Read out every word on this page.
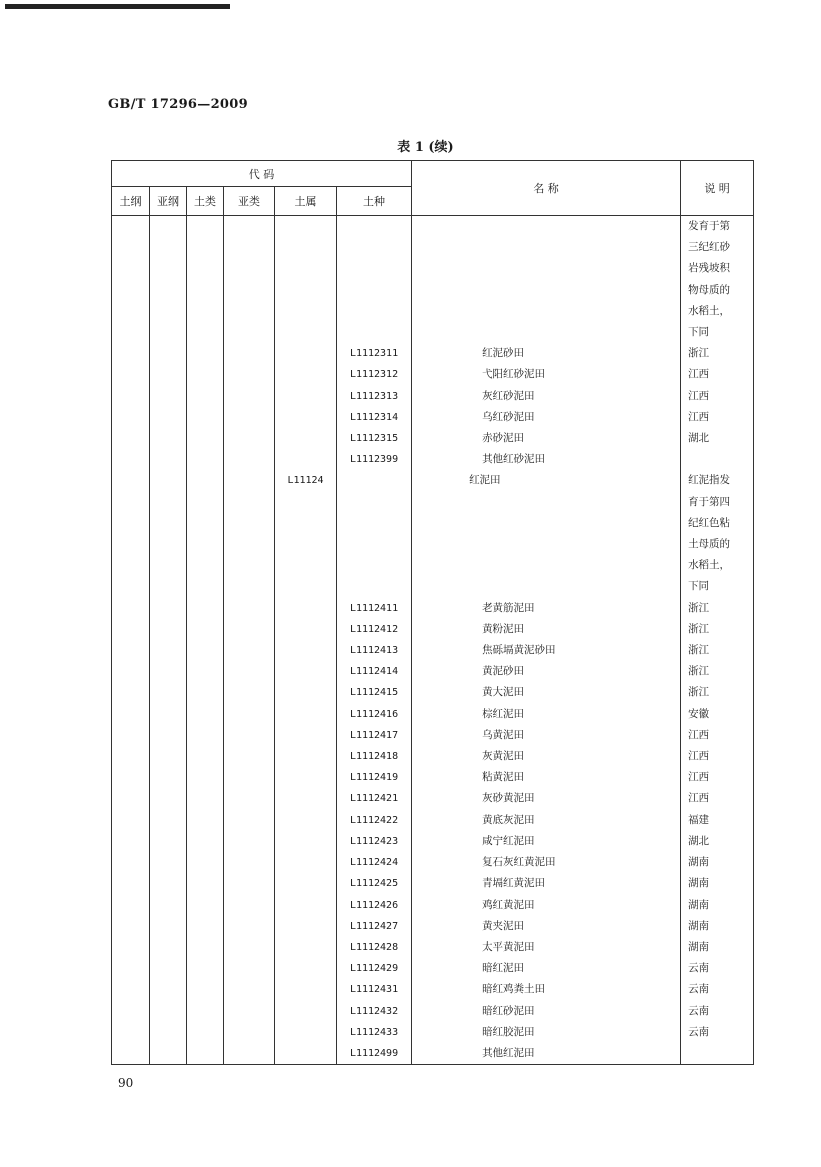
GB/T 17296—2009
表 1 (续)
代 码						名 称	说 明
土纲	亚纲	土类	亚类	土属	土种		
							发育于第
							三纪红砂
							岩残坡积
							物母质的
							水稻土，
							下同
					L1112311	红泥砂田	浙江
					L1112312	弋阳红砂泥田	江西
					L1112313	灰红砂泥田	江西
					L1112314	乌红砂泥田	江西
					L1112315	赤砂泥田	湖北
					L1112399	其他红砂泥田	
				L11124		红泥田	红泥指发
							育于第四
							纪红色粘
							土母质的
							水稻土，
							下同
					L1112411	老黄筋泥田	浙江
					L1112412	黄粉泥田	浙江
					L1112413	焦砾塥黄泥砂田	浙江
					L1112414	黄泥砂田	浙江
					L1112415	黄大泥田	浙江
					L1112416	棕红泥田	安徽
					L1112417	乌黄泥田	江西
					L1112418	灰黄泥田	江西
					L1112419	粘黄泥田	江西
					L1112421	灰砂黄泥田	江西
					L1112422	黄底灰泥田	福建
					L1112423	咸宁红泥田	湖北
					L1112424	复石灰红黄泥田	湖南
					L1112425	青塥红黄泥田	湖南
					L1112426	鸡红黄泥田	湖南
					L1112427	黄夹泥田	湖南
					L1112428	太平黄泥田	湖南
					L1112429	暗红泥田	云南
					L1112431	暗红鸡粪土田	云南
					L1112432	暗红砂泥田	云南
					L1112433	暗红胶泥田	云南
					L1112499	其他红泥田	
90
